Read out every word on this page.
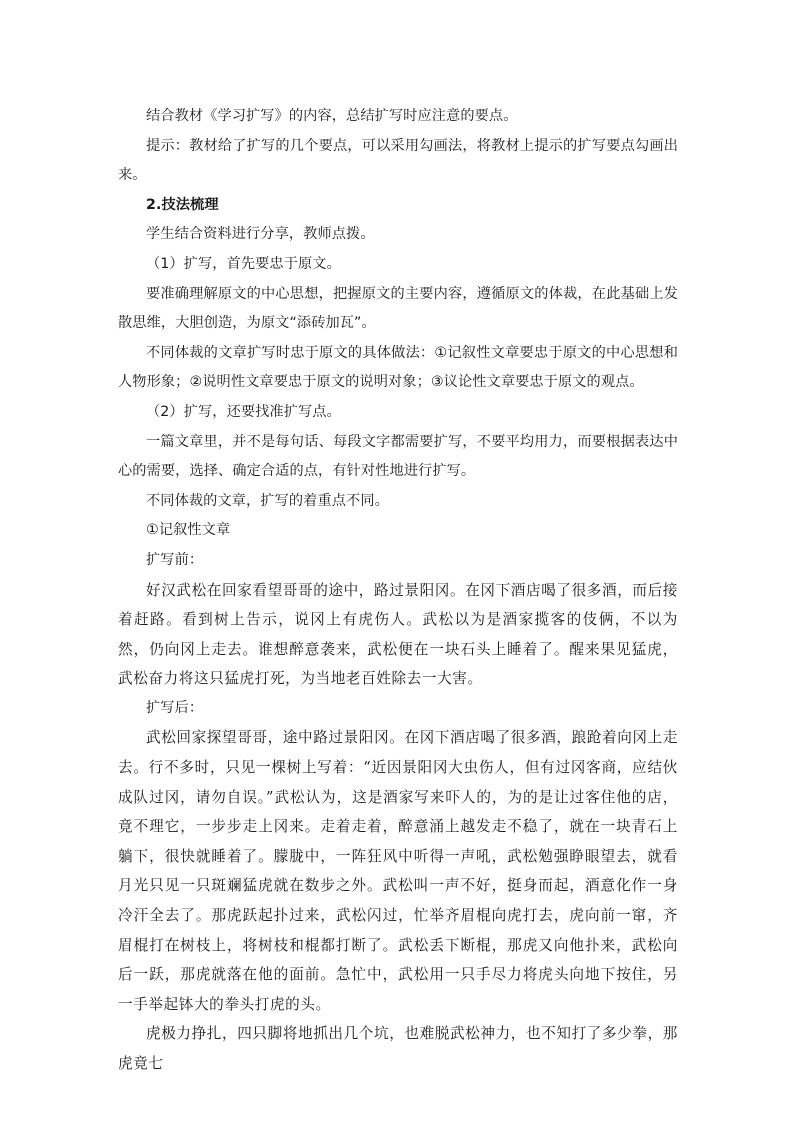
结合教材《学习扩写》的内容，总结扩写时应注意的要点。

提示：教材给了扩写的几个要点，可以采用勾画法，将教材上提示的扩写要点勾画出来。

2.技法梳理

学生结合资料进行分享，教师点拨。

（1）扩写，首先要忠于原文。

要准确理解原文的中心思想，把握原文的主要内容，遵循原文的体裁，在此基础上发散思维，大胆创造，为原文“添砖加瓦”。

不同体裁的文章扩写时忠于原文的具体做法：①记叙性文章要忠于原文的中心思想和人物形象；②说明性文章要忠于原文的说明对象；③议论性文章要忠于原文的观点。

（2）扩写，还要找准扩写点。

一篇文章里，并不是每句话、每段文字都需要扩写，不要平均用力，而要根据表达中心的需要，选择、确定合适的点，有针对性地进行扩写。

不同体裁的文章，扩写的着重点不同。

①记叙性文章

扩写前：

好汉武松在回家看望哥哥的途中，路过景阳冈。在冈下酒店喝了很多酒，而后接着赶路。看到树上告示，说冈上有虎伤人。武松以为是酒家揽客的伎俩，不以为然，仍向冈上走去。谁想醉意袭来，武松便在一块石头上睡着了。醒来果见猛虎，武松奋力将这只猛虎打死，为当地老百姓除去一大害。

扩写后：

武松回家探望哥哥，途中路过景阳冈。在冈下酒店喝了很多酒，踉跄着向冈上走去。行不多时，只见一棵树上写着：“近因景阳冈大虫伤人，但有过冈客商，应结伙成队过冈，请勿自误。”武松认为，这是酒家写来吓人的，为的是让过客住他的店，竟不理它，一步步走上冈来。走着走着，醉意涌上越发走不稳了，就在一块青石上躺下，很快就睡着了。朦胧中，一阵狂风中听得一声吼，武松勉强睁眼望去，就看月光只见一只斑斓猛虎就在数步之外。武松叫一声不好，挺身而起，酒意化作一身冷汗全去了。那虎跃起扑过来，武松闪过，忙举齐眉棍向虎打去，虎向前一窜，齐眉棍打在树枝上，将树枝和棍都打断了。武松丢下断棍，那虎又向他扑来，武松向后一跃，那虎就落在他的面前。急忙中，武松用一只手尽力将虎头向地下按住，另一手举起钵大的拳头打虎的头。

虎极力挣扎，四只脚将地抓出几个坑，也难脱武松神力，也不知打了多少拳，那虎竟七
